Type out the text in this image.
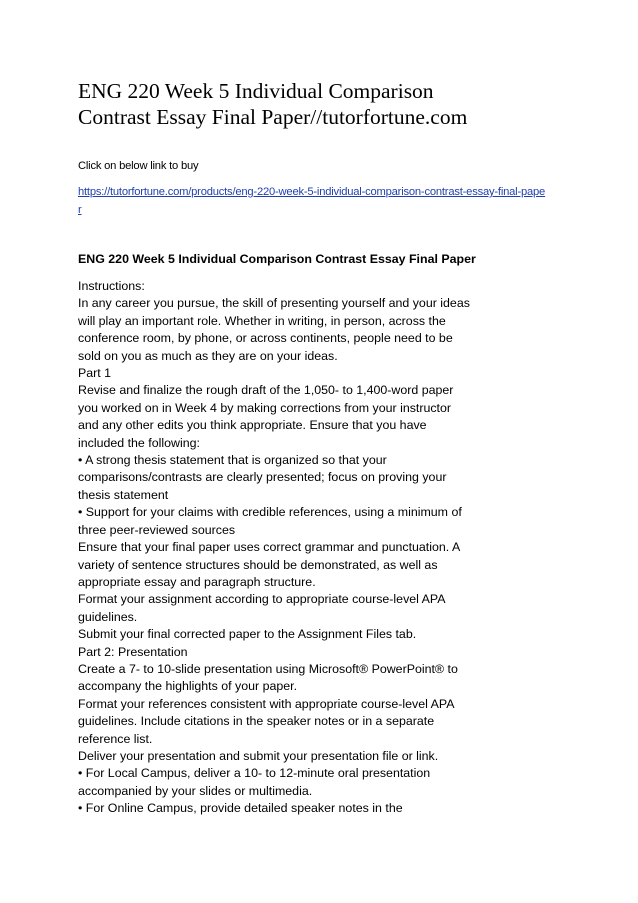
ENG 220 Week 5 Individual Comparison
Contrast Essay Final Paper//tutorfortune.com
Click on below link to buy
https://tutorfortune.com/products/eng-220-week-5-individual-comparison-contrast-essay-final-paper
ENG 220 Week 5 Individual Comparison Contrast Essay Final Paper
Instructions:
In any career you pursue, the skill of presenting yourself and your ideas
will play an important role. Whether in writing, in person, across the
conference room, by phone, or across continents, people need to be
sold on you as much as they are on your ideas.
Part 1
Revise and finalize the rough draft of the 1,050- to 1,400-word paper
you worked on in Week 4 by making corrections from your instructor
and any other edits you think appropriate. Ensure that you have
included the following:
• A strong thesis statement that is organized so that your
comparisons/contrasts are clearly presented; focus on proving your
thesis statement
• Support for your claims with credible references, using a minimum of
three peer-reviewed sources
Ensure that your final paper uses correct grammar and punctuation. A
variety of sentence structures should be demonstrated, as well as
appropriate essay and paragraph structure.
Format your assignment according to appropriate course-level APA
guidelines.
Submit your final corrected paper to the Assignment Files tab.
Part 2: Presentation
Create a 7- to 10-slide presentation using Microsoft® PowerPoint® to
accompany the highlights of your paper.
Format your references consistent with appropriate course-level APA
guidelines. Include citations in the speaker notes or in a separate
reference list.
Deliver your presentation and submit your presentation file or link.
• For Local Campus, deliver a 10- to 12-minute oral presentation
accompanied by your slides or multimedia.
• For Online Campus, provide detailed speaker notes in the
